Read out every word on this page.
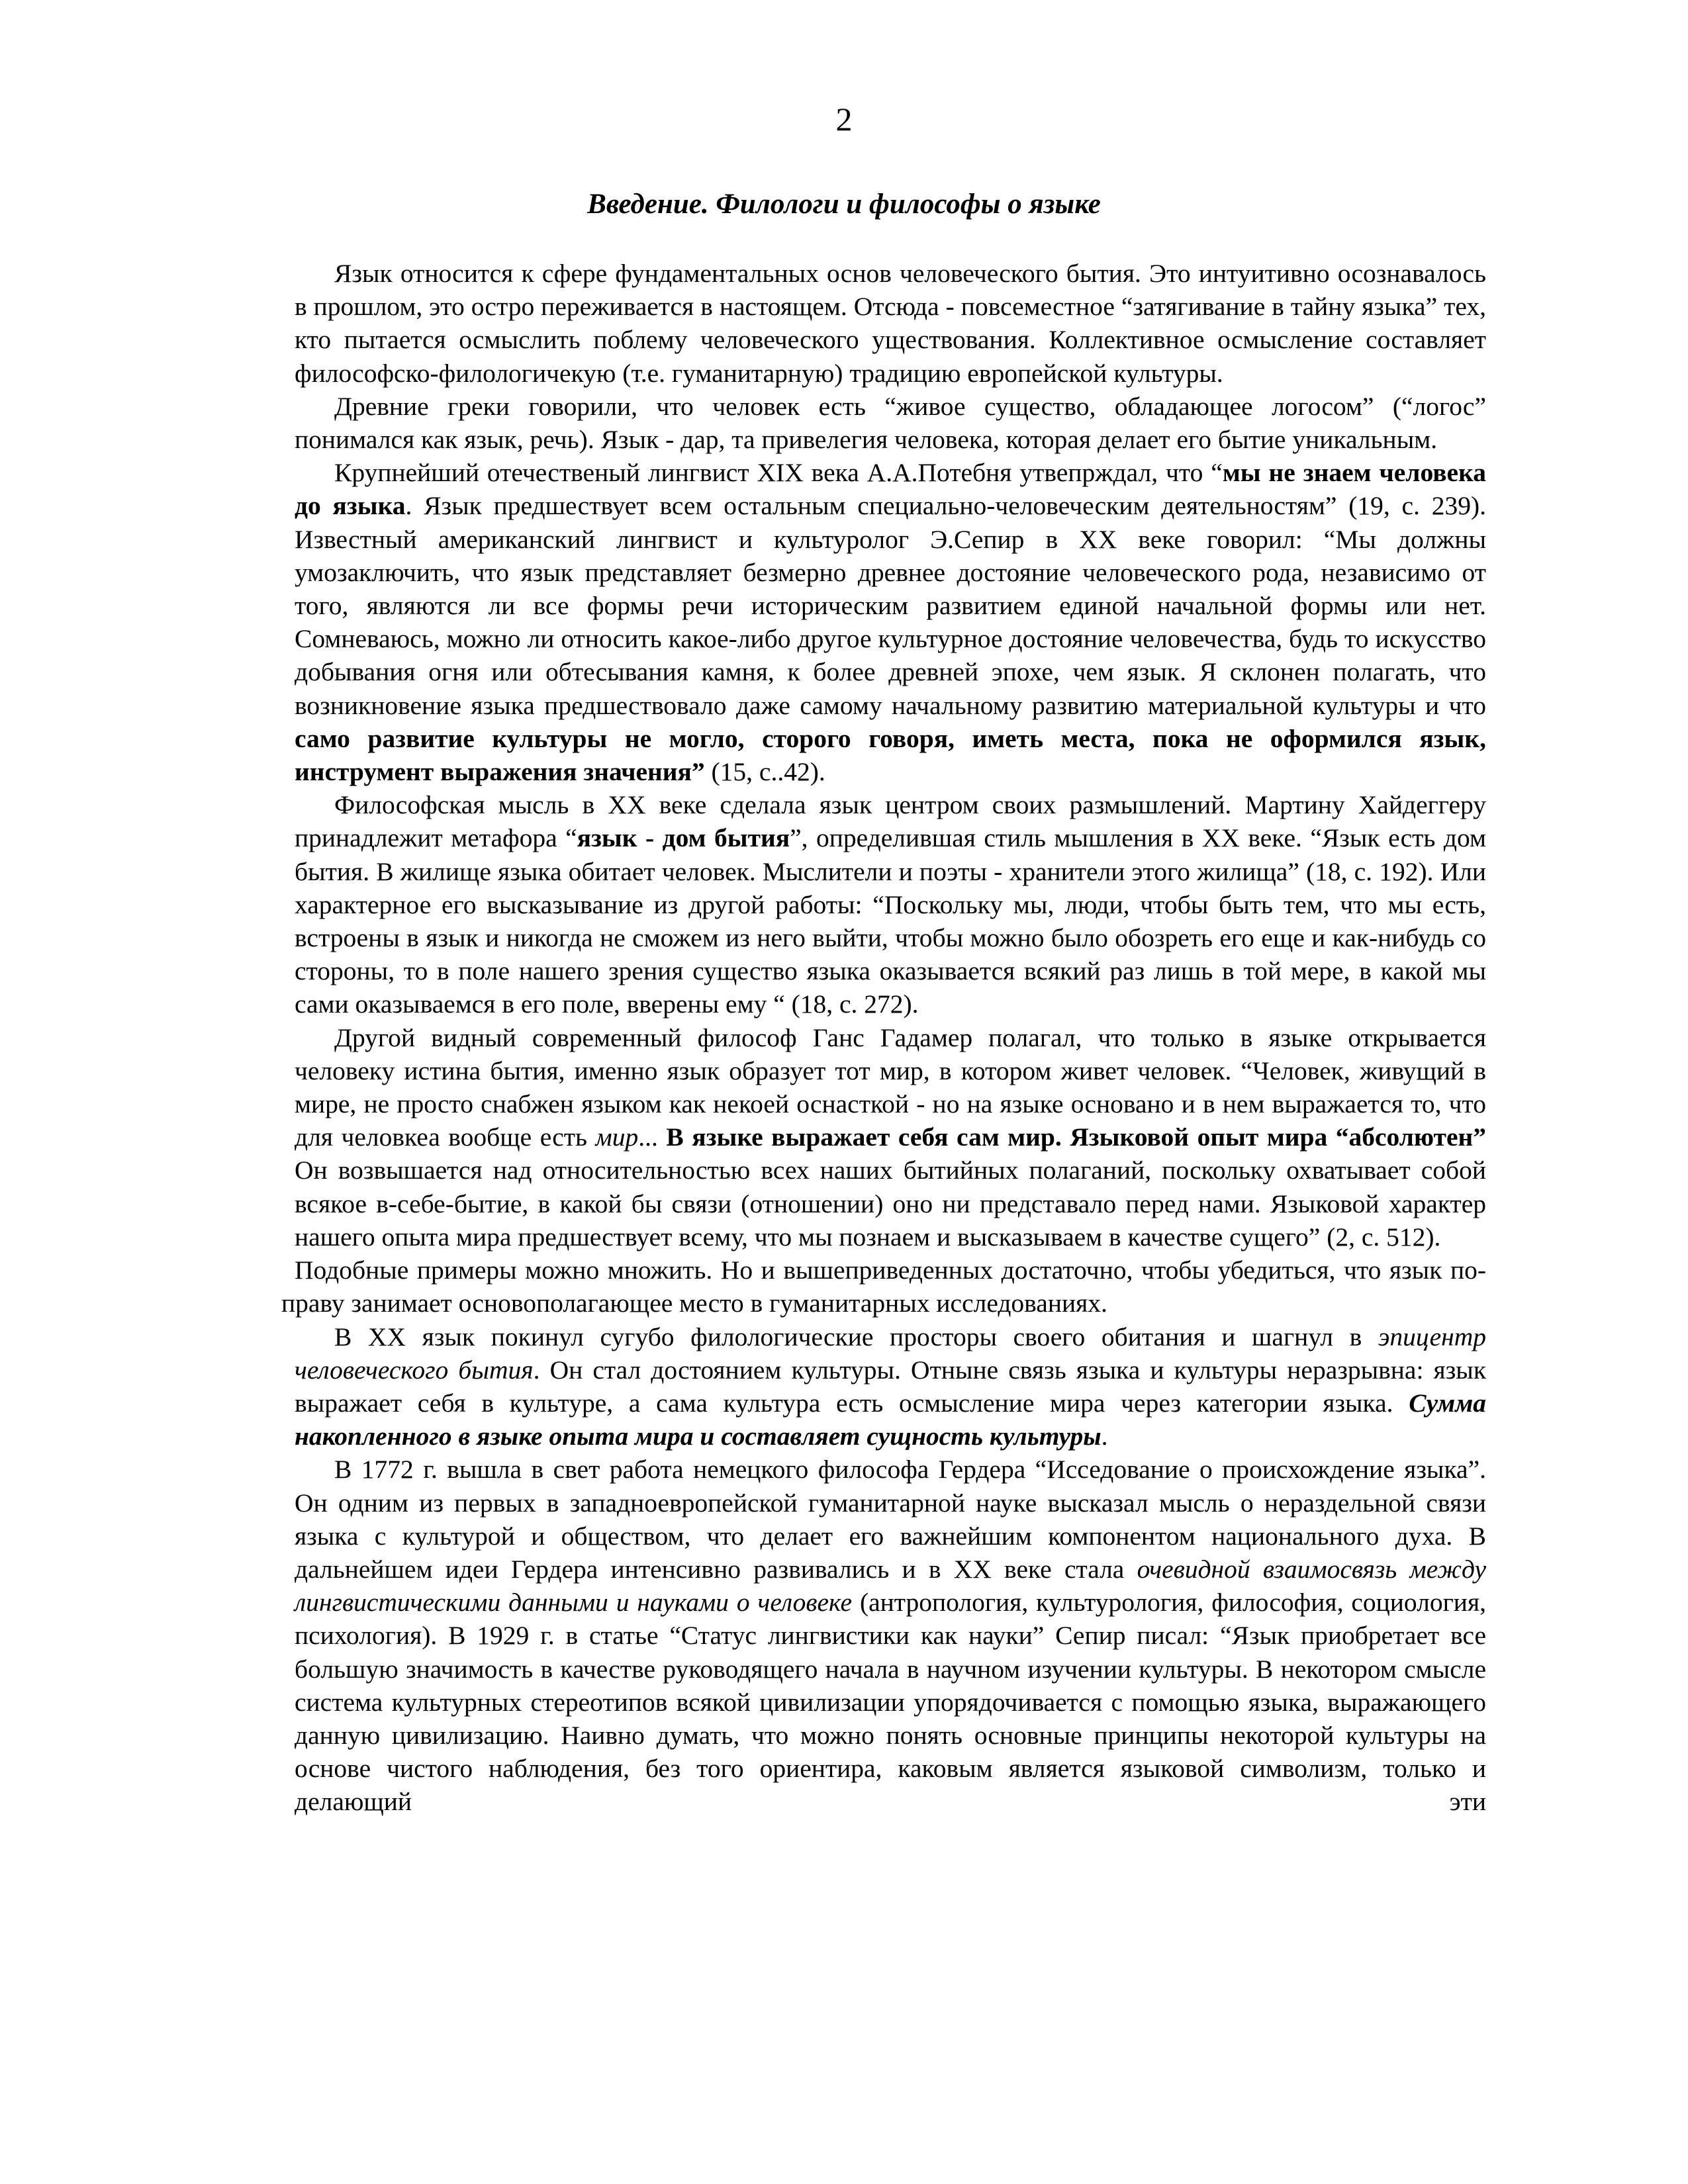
2
Введение. Филологи и философы о языке

Язык относится к сфере фундаментальных основ человеческого бытия. Это интуитивно осознавалось в прошлом, это остро переживается в настоящем. Отсюда - повсеместное “затягивание в тайну языка” тех, кто пытается осмыслить поблему человеческого уществования. Коллективное осмысление составляет философско-филологичекую (т.е. гуманитарную) традицию европейской культуры.

Древние греки говорили, что человек есть “живое существо, обладающее логосом” (“логос” понимался как язык, речь). Язык - дар, та привелегия человека, которая делает его бытие уникальным.

Крупнейший отечественый лингвист XIX века А.А.Потебня утвепрждал, что “мы не знаем человека до языка. Язык предшествует всем остальным специально-человеческим деятельностям” (19, с. 239). Известный американский лингвист и культуролог Э.Сепир в XX веке говорил: “Мы должны умозаключить, что язык представляет безмерно древнее достояние человеческого рода, независимо от того, являются ли все формы речи историческим развитием единой начальной формы или нет. Сомневаюсь, можно ли относить какое-либо другое культурное достояние человечества, будь то искусство добывания огня или обтесывания камня, к более древней эпохе, чем язык. Я склонен полагать, что возникновение языка предшествовало даже самому начальному развитию материальной культуры и что само развитие культуры не могло, сторого говоря, иметь места, пока не оформился язык, инструмент выражения значения” (15, с..42).

Философская мысль в XX веке сделала язык центром своих размышлений. Мартину Хайдеггеру принадлежит метафора “язык - дом бытия”, определившая стиль мышления в XX веке. “Язык есть дом бытия. В жилище языка обитает человек. Мыслители и поэты - хранители этого жилища” (18, с. 192). Или характерное его высказывание из другой работы: “Поскольку мы, люди, чтобы быть тем, что мы есть, встроены в язык и никогда не сможем из него выйти, чтобы можно было обозреть его еще и как-нибудь со стороны, то в поле нашего зрения существо языка оказывается всякий раз лишь в той мере, в какой мы сами оказываемся в его поле, вверены ему “ (18, с. 272).

Другой видный современный философ Ганс Гадамер полагал, что только в языке открывается человеку истина бытия, именно язык образует тот мир, в котором живет человек. “Человек, живущий в мире, не просто снабжен языком как некоей оснасткой - но на языке основано и в нем выражается то, что для человкеа вообще есть мир... В языке выражает себя сам мир. Языковой опыт мира “абсолютен” Он возвышается над относительностью всех наших бытийных полаганий, поскольку охватывает собой всякое в-себе-бытие, в какой бы связи (отношении) оно ни представало перед нами. Языковой характер нашего опыта мира предшествует всему, что мы познаем и высказываем в качестве сущего” (2, с. 512).

Подобные примеры можно множить. Но и вышеприведенных достаточно, чтобы убедиться, что язык по-праву занимает основополагающее место в гуманитарных исследованиях.

В XX язык покинул сугубо филологические просторы своего обитания и шагнул в эпицентр человеческого бытия. Он стал достоянием культуры. Отныне связь языка и культуры неразрывна: язык выражает себя в культуре, а сама культура есть осмысление мира через категории языка. Сумма накопленного в языке опыта мира и составляет сущность культуры.

В 1772 г. вышла в свет работа немецкого философа Гердера “Исседование о происхождение языка”. Он одним из первых в западноевропейской гуманитарной науке высказал мысль о нераздельной связи языка с культурой и обществом, что делает его важнейшим компонентом национального духа. В дальнейшем идеи Гердера интенсивно развивались и в XX веке стала очевидной взаимосвязь между лингвистическими данными и науками о человеке (антропология, культурология, философия, социология, психология). В 1929 г. в статье “Статус лингвистики как науки” Сепир писал: “Язык приобретает все большую значимость в качестве руководящего начала в научном изучении культуры. В некотором смысле система культурных стереотипов всякой цивилизации упорядочивается с помощью языка, выражающего данную цивилизацию. Наивно думать, что можно понять основные принципы некоторой культуры на основе чистого наблюдения, без того ориентира, каковым является языковой символизм, только и делающий эти
